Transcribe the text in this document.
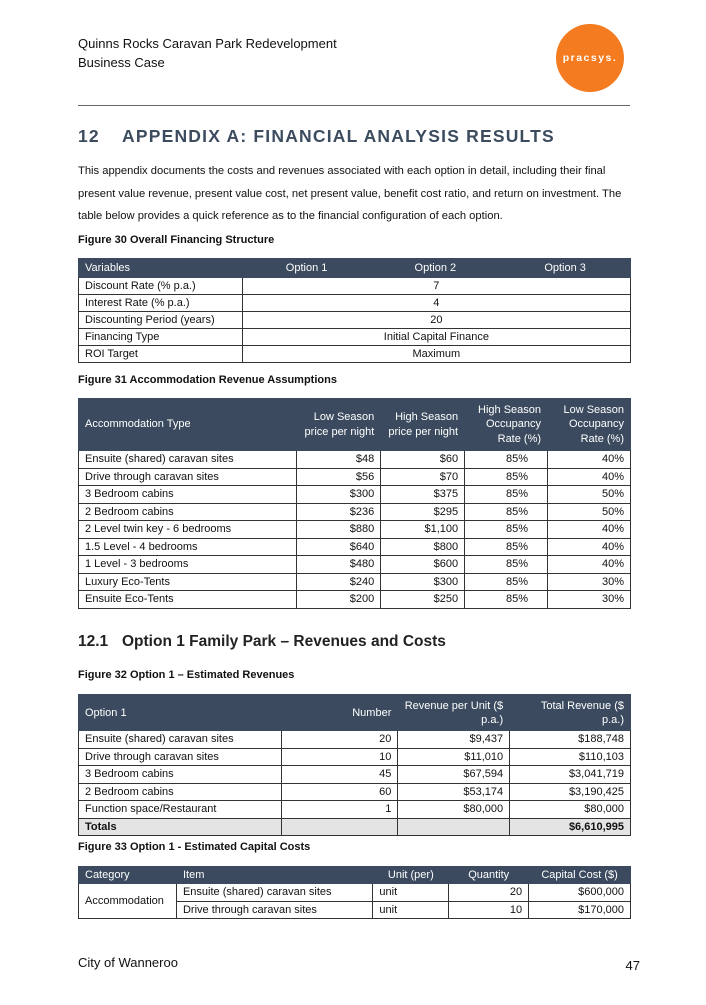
Quinns Rocks Caravan Park Redevelopment
Business Case	pracsys.
12 APPENDIX A: FINANCIAL ANALYSIS RESULTS
This appendix documents the costs and revenues associated with each option in detail, including their final present value revenue, present value cost, net present value, benefit cost ratio, and return on investment. The table below provides a quick reference as to the financial configuration of each option.
Figure 30 Overall Financing Structure
Variables	Option 1	Option 2	Option 3
Discount Rate (% p.a.)	7		
Interest Rate (% p.a.)	4		
Discounting Period (years)	20		
Financing Type	Initial Capital Finance		
ROI Target	Maximum		
Figure 31 Accommodation Revenue Assumptions
Accommodation Type	Low Season price per night	High Season price per night	High Season Occupancy Rate (%)	Low Season Occupancy Rate (%)
Ensuite (shared) caravan sites	$48	$60	85%	40%
Drive through caravan sites	$56	$70	85%	40%
3 Bedroom cabins	$300	$375	85%	50%
2 Bedroom cabins	$236	$295	85%	50%
2 Level twin key - 6 bedrooms	$880	$1,100	85%	40%
1.5 Level - 4 bedrooms	$640	$800	85%	40%
1 Level - 3 bedrooms	$480	$600	85%	40%
Luxury Eco-Tents	$240	$300	85%	30%
Ensuite Eco-Tents	$200	$250	85%	30%
12.1 Option 1 Family Park – Revenues and Costs
Figure 32 Option 1 – Estimated Revenues
Option 1	Number	Revenue per Unit ($ p.a.)	Total Revenue ($ p.a.)
Ensuite (shared) caravan sites	20	$9,437	$188,748
Drive through caravan sites	10	$11,010	$110,103
3 Bedroom cabins	45	$67,594	$3,041,719
2 Bedroom cabins	60	$53,174	$3,190,425
Function space/Restaurant	1	$80,000	$80,000
Totals			$6,610,995
Figure 33 Option 1 - Estimated Capital Costs
Category	Item	Unit (per)	Quantity	Capital Cost ($)
Accommodation	Ensuite (shared) caravan sites	unit	20	$600,000
	Drive through caravan sites	unit	10	$170,000
City of Wanneroo	47
